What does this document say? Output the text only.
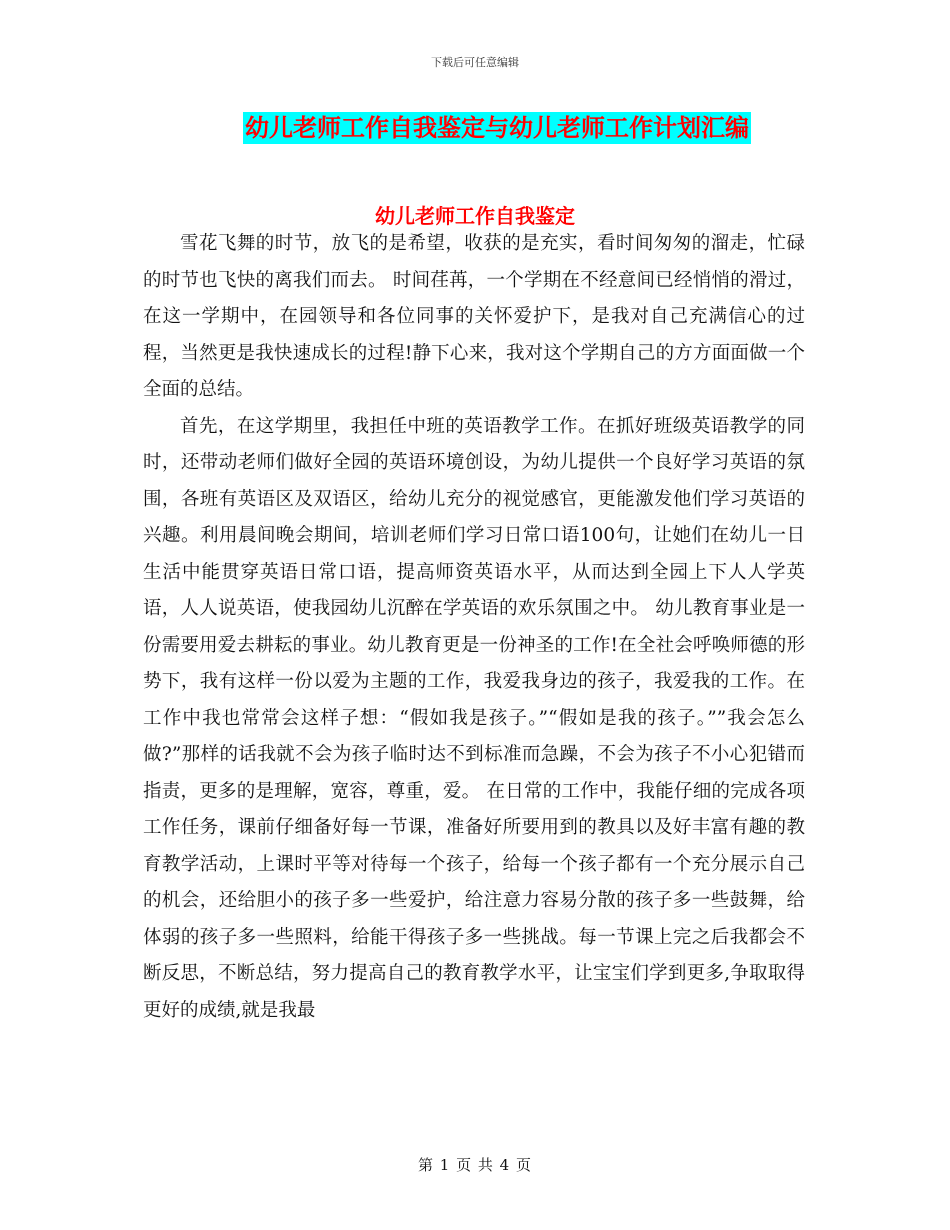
下载后可任意编辑
幼儿老师工作自我鉴定与幼儿老师工作计划汇编
幼儿老师工作自我鉴定

雪花飞舞的时节，放飞的是希望，收获的是充实，看时间匆匆的溜走，忙碌的时节也飞快的离我们而去。 时间荏苒，一个学期在不经意间已经悄悄的滑过，在这一学期中，在园领导和各位同事的关怀爱护下，是我对自己充满信心的过程，当然更是我快速成长的过程!静下心来，我对这个学期自己的方方面面做一个全面的总结。

首先，在这学期里，我担任中班的英语教学工作。在抓好班级英语教学的同时，还带动老师们做好全园的英语环境创设，为幼儿提供一个良好学习英语的氛围，各班有英语区及双语区，给幼儿充分的视觉感官，更能激发他们学习英语的兴趣。利用晨间晚会期间，培训老师们学习日常口语100句，让她们在幼儿一日生活中能贯穿英语日常口语，提高师资英语水平，从而达到全园上下人人学英语，人人说英语，使我园幼儿沉醉在学英语的欢乐氛围之中。 幼儿教育事业是一份需要用爱去耕耘的事业。幼儿教育更是一份神圣的工作!在全社会呼唤师德的形势下，我有这样一份以爱为主题的工作，我爱我身边的孩子，我爱我的工作。在工作中我也常常会这样子想：“假如我是孩子。”“假如是我的孩子。””我会怎么做?”那样的话我就不会为孩子临时达不到标准而急躁，不会为孩子不小心犯错而指责，更多的是理解，宽容，尊重，爱。 在日常的工作中，我能仔细的完成各项工作任务，课前仔细备好每一节课，准备好所要用到的教具以及好丰富有趣的教育教学活动，上课时平等对待每一个孩子，给每一个孩子都有一个充分展示自己的机会，还给胆小的孩子多一些爱护，给注意力容易分散的孩子多一些鼓舞，给体弱的孩子多一些照料，给能干得孩子多一些挑战。每一节课上完之后我都会不断反思，不断总结，努力提高自己的教育教学水平，让宝宝们学到更多,争取取得更好的成绩,就是我最

第 1 页 共 4 页
